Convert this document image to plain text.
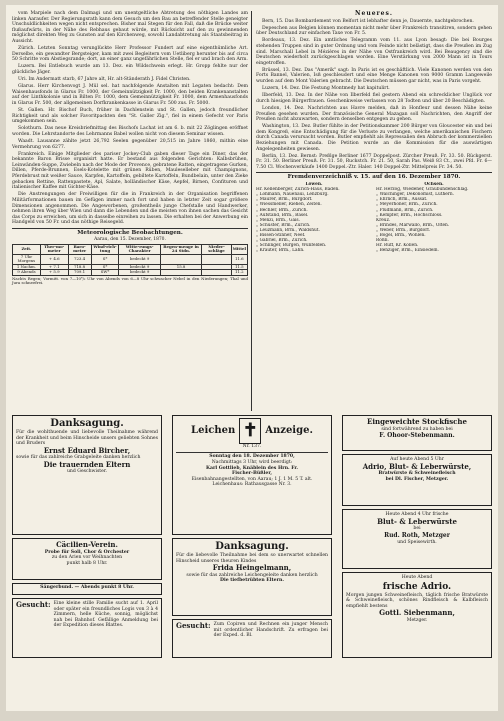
vom Marpiele nach dem Dalmagi und um unentgeltliche Abtretung des nöthigen Landes am linken Aaraufer. Der Regierungsrath kann dem Gesuch um den Bau an betreffender Stelle geneigter Unschuldlichkeiten wegen nicht entsprechen. Bisher mal Stegen für den Fall, daß die Brücke weiter flußaufwärts, in der Nähe des Rebhaus gebaut würde, mit Rücksicht auf den zu gewinnenden möglichst direkten Weg zu Gunsten auf den Kirchenweg, sowohl Landabtretung als Staatsbeitrag in Aussicht.

Zürich. Letzten Sonntag verunglückte Herr Professor Fundert auf eine eigenthümliche Art. Derselbe, ein gewandter Bergsteiger, kam mit zwei Begleitern vom Uetliberg herunter bis auf circa 50 Schritte vom Abstiegsrande; dort, an einer ganz ungefährlichen Stelle, fiel er und brach den Arm.

Luzern. Bei Entlebuch wurde am 13. Dez. ein Wildschwein erlegt. Hr. Gropp fehlte nur der glückliche Jäger.

Uri. Im Andermatt starb, 67 Jahre alt, Hr. alt-Ständerath J. Fidel Christen.

Glarus. Herr Kirchenvogt J. Mül sel. hat nachfolgende Anstalten mit Legaten bedacht: Dem Waisenhausfonds in Glarus Fr. 1000, der Gemeinnützigkeit Fr. 1000, den beiden Krankenanstalten auf der Linthkolonie und in Bilten Fr. 1000, dem Gemeinnützigkeit Fr. 1000, dem Armenhausfonds in Glarus Fr. 500, der allgemeinen Dorfkrankenkasse in Glarus Fr. 500 zus. Fr. 5000.

St. Gallen. Hr. Bischof Buch, früher in Dachlenstein und St. Gallen, jedoch freundlicher Richtigkeit und als solcher Favoritpackten den "St. Galler Zig.", fiel in einem Gefecht vor Paris umgekommen sein.

Solothurn. Das neue Kreisbriefmittag des Bischofs Lachat ist am 6. b. mit 22 Zöglingen eröffnet worden. Die Lehrstandorte des Lehrmanns Babel wollen nicht von diesem Seminar wissen.

Waadt. Lausanne zählte jetzt 26,792 Seelen gegenüber 20,515 im Jahre 1860, mithin eine Vermehrung von 6277.

Frankreich. Einige Mitglieder des pariser Jockey-Club gaben dieser Tage ein Diner, das der bekannte Baron Brisse organisirt hatte. Er bestand aus folgenden Gerichten: Kalbsbrühen, Leinwänden-Suppe, Zwiebeln nach der Mode der Provence, gebratene Ratten, eingetragene Gurken, Dillen, Pferde-Brunnen, Esels-Kotelette mit grünen Rüben, Mauleselleber mit Champignons, Pferdebrust mit weißer Sauce, Karpfen, Kartoffeln, gebiltete Kartoffeln, Bundbelain, unter den Zieke gebacken Rettine, Rattenpastete, Apl, Salate, holländischer Käse, Aepfel, Birnen, Confituren und italienischer Kaffee mit Gichter-Käse.

Die Anstrengungen der Freiwilligen für die in Frankreich in der Organisation begriffenen Militärformationen bauen im Gefügen immer nach fort und haben in letzter Zeit sogar größere Dimensionen angenommen. Die Angeworbenen, großentheils junge Chefstalle und Handwerker, nehmen ihren Weg über Wien und dann die Lebenden und die meisten von ihnen sachen das Gesicht das Corps zu erreichen, um sich in dasselbe einreihen zu lassen. Die erhalten bei der Anwerbung ein Handgeld von 50 Fr. und das nöthige Reisegeld.

Meteorologische Beobachtungen.
Aarau, den 15. Dezember, 1870.
Zeit.	Ther-mo-meter	Baro-meter	Wind-rich-tung	Witte-rungs-Charakter	Regen-menge in 24 Stdn.	Nieder-schläge	Mittel
7 Uhr Morgens	+ 4.6	723.4	S*	bedeckt 9			11.6
1 Nachm.	+ 7.1	718.8	S*	bedeckt 9	15.8		11.5
9 Abends	+ 5.9	709.1	SW*	bedeckt 9			11.2
Nachts Regen; Vormitt. von 7—10⁴/₂ Uhr von Abends von 6—8 Uhr schwacher Nebel in den Niederungen; Thal und Jura schneefrei.
Neueres.

Bern, 15. Das Bombardement von Belfort ist lebhafter denn je, Dauernte, nachtgebrochen.

Depeschen aus Belgien können momentan nicht mehr über Frankreich transitiren, sondern gehen über Deutschland zur einfachen Taxe von Fr. 5.

Bordeaux, 13. Dez. Ein amtliches Telegramm vom 11. aus Lyon besagt: Die bei Bourges stehenden Truppen sind in guter Ordnung und vom Feinde nicht belästigt, dass die Preußen im Zug sind. Marschall Lebel in Mézières in der Nähe von Ostfrankreich wird. Bei Beaugency sind die Deutschen wiederholt zurückgeschlagen worden. Eine Verstärkung von 2000 Mann ist in Tours eingetroffen.

Brüssel, 13. Dez. Das "Amerik" sagt: In Paris ist es geschäftlich. Viele Kanonen werden von den Forts Bannel, Valerien, Isß geschleudert und eine Menge Kanonen von 9000 Gramm Langeweile wurden auf dem Mont Valerien gebracht. Die Deutschen müssen gar nicht, was in Paris vorgeht.

Luzern, 14. Dez. Die Festung Montmedy hat kapitulirt.

Ilberfeld, 13. Dez. In der Nähe von Ilberfeld fiel gestern Abend ein schrecklicher Unglück vor durch hiesigen Bürgerfrauen. Geschenkweise verlassen von 28 Todten und über 20 Beschädigten.

London, 14. Dez. Nachrichten aus Havre melden, daß in Honfleur und dessen Nähe keine Preußen gesehen wurden. Der französische General Mazagan soll Nachrichten, den Angriff der Preußen nicht abzuwarten, sondern denselben entgegen zu gehen.

Washington, 13. Dez. Butler fühlte in der Petitionskammer 200 Bürger von Gloucester ein und bei dem Kongreß, eine Entschädigung für die Verluste zu verlangen, welche amerikanischen Fischern durch Canada verursacht worden. Butler empfiehlt als Repressalien den Abbruch der kommerziellen Beziehungen mit Canada. Die Petition wurde an die Kommission für die auswärtigen Angelegenheiten gewiesen.

Berlin, 13. Dez. Bernst: Preßlge Berliner 1677 Doppelpost. Zürcher Preuß. Fr. 33. 50. Rückgerst. Fr. 31. 50. Berliner Preuß. Fr. 31. 50, Ruckstch. Fr. 21. 50, Sarah Pas. Weiß 83 Ct., zwei Pfd. Fr. 6—7.50 Cl. Wochenverkäufe 1400 Doppel.-Ztr. Haler. 140 Doppel-Ztr. Mittelpreis Fr. 34. 50.

Fremdenverzeichniß v. 15. auf den 16. Dezember 1870.
Löwen.
Hr. Kellenberger, Zürich-Haus, Baden.
„ Lohmann, Nauenaui, Lenzburg.
„ Maurer, Brm., Burgdorf.
„ Wiessmeller, Riehen, Zeiten.
„ Bechler, Brm., Zürich.
„ Aufstand, Brm., Basel.
„ Menzi, Brm., Gais.
„ Schuster, Brm., Zürich.
„ Leuzmann, Brm., Waldshut.
„ Bissen-Stinner, Neef.
„ Gabriel, Brm., Zürich.
„ Schlinger, Bürgen, Wünfelden.
„ Kräuter, Brm., Lahn.
Ochsen.
Hr. Herzog, Wiedener, Graubündenschlag.
„ Walchinger, Dekonomist, Luthern.
„ Ehrlich, Brm., Aussat.
„ Meyerhöner, Brm., Zürich.
„ Plüdmann, Brm., Zürich.
„ Kempfer, Brm., Hochschloss.
Kreuz.
„ Brindes, Marwallo, Brm., Olten.
„ Weber, Brm., Burgdorf.
„ Bogel, Brm., Wohlen.
Rößli.
Hr. Ruff, Kr. Kollen.
„ Benziger, Brm., Einsiedeln.
Danksagung.
Für die wohlthuende und liebevolle Theilnahme während der Krankheit und beim Hinscheide unsers geliebten Sohnes und Bruders
Ernst Eduard Bircher,
sowie für das zahlreiche Grabgeleite danken herzlich
Die trauernden Eltern
und Geschwister.
Cäcilien-Verein.
Probe für Soli, Chor & Orchester
zu den Arien vor Weihnachten
punkt halb 8 Uhr.
Sängerbund. — Abends punkt 8 Uhr.
Gesucht: Eine kleine stille Familie sucht auf 1. April oder später ein freundliches Logis von 3 à 4 Zimmern, helle Küche, sonnig, möglichst nah bei Bahnhof. Gefällige Anmeldung bei der Expedition dieses Blattes.
Leichen ✝ Anzeige.
Nr. 137.
Sonntag den 18. Dezember 1870,
Nachmittags 3 Uhr, wird beerdigt:
Karl Gottlieb, Knäblein des Hrn. Fr.
Fischer-Büßler,
Eisenbahnangestellten, von Aarau; 1 J. 1 M. 5 T. alt. Leichenhaus: Rathausgasse Nr. 3.
Danksagung.
Für die liebevolle Theilnahme bei dem so unerwartet schnellen Hinscheid unseres theuren Kindes
Frida Heingelmann,
sowie für das zahlreiche Leichengeleite danken herzlich
Die tiefbetrübten Eltern.
Gesucht: Zum Copiren und Rechnen ein junger Mensch mit ordentlicher Handschrift. Zu erfragen bei der Exped. d. Bl.
Eingeweichte Stockfische
sind fortwährend zu haben bei
F. Ohoor-Stebenmann.
Auf heute Abend 5 Uhr
Adrio, Blut- & Leberwürste,
Bratwürste & Schweinefleisch
bei Dl. Fischer, Metzger.
Heute Abend 4 Uhr frische
Blut- & Leberwürste
bei
Rud. Roth, Metzger
und Speisewirth.
Heute Abend
frische Adrio.
Morgen jungen Schweinefleisch, täglich frische Bratwürste & Schweinefleisch, schönes Rindfleisch & Kalbfleisch empfiehlt bestens
Gottl. Siebenmann,
Metzger.
